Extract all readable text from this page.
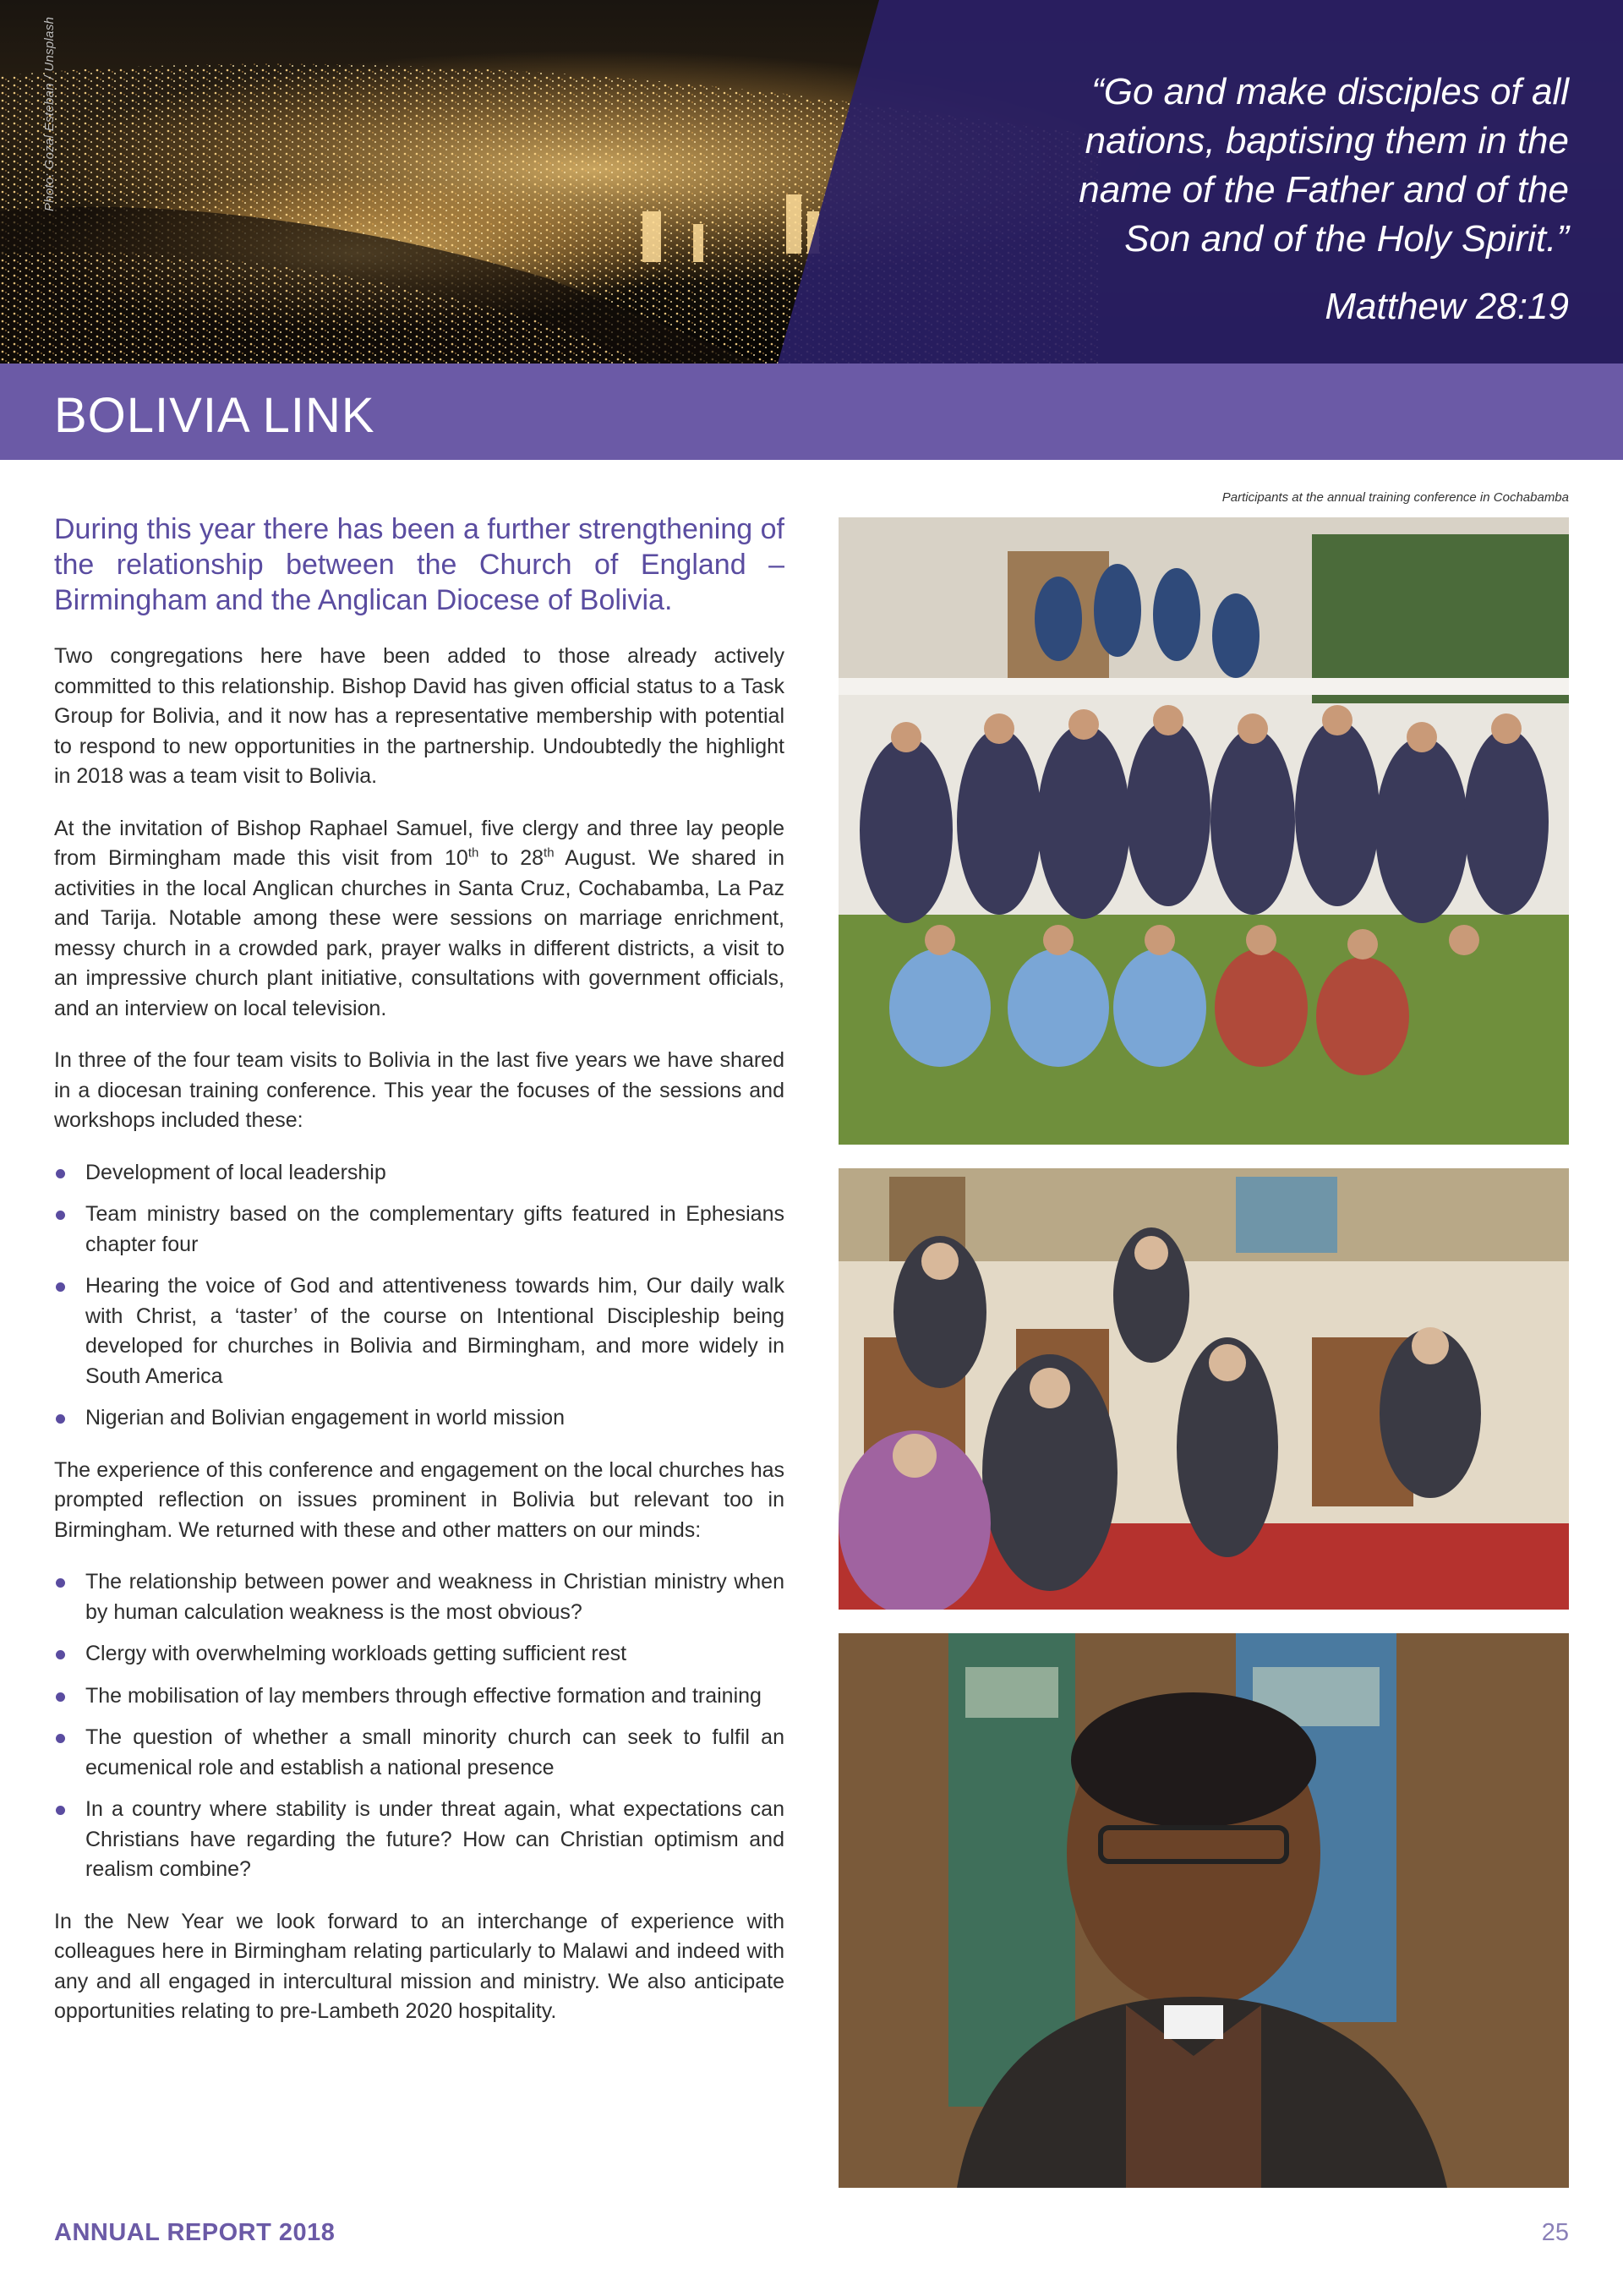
Photo: Gozal Esteban / Unsplash	“Go and make disciples of all nations, baptising them in the name of the Father and of the Son and of the Holy Spirit.”
Matthew 28:19
BOLIVIA LINK

During this year there has been a further strengthening of the relationship between the Church of England – Birmingham and the Anglican Diocese of Bolivia.

Two congregations here have been added to those already actively committed to this relationship. Bishop David has given official status to a Task Group for Bolivia, and it now has a representative membership with potential to respond to new opportunities in the partnership. Undoubtedly the highlight in 2018 was a team visit to Bolivia.

At the invitation of Bishop Raphael Samuel, five clergy and three lay people from Birmingham made this visit from 10th to 28th August. We shared in activities in the local Anglican churches in Santa Cruz, Cochabamba, La Paz and Tarija. Notable among these were sessions on marriage enrichment, messy church in a crowded park, prayer walks in different districts, a visit to an impressive church plant initiative, consultations with government officials, and an interview on local television.

In three of the four team visits to Bolivia in the last five years we have shared in a diocesan training conference. This year the focuses of the sessions and workshops included these:

Development of local leadership
Team ministry based on the complementary gifts featured in Ephesians chapter four
Hearing the voice of God and attentiveness towards him, Our daily walk with Christ, a ‘taster’ of the course on Intentional Discipleship being developed for churches in Bolivia and Birmingham, and more widely in South America
Nigerian and Bolivian engagement in world mission

The experience of this conference and engagement on the local churches has prompted reflection on issues prominent in Bolivia but relevant too in Birmingham. We returned with these and other matters on our minds:

The relationship between power and weakness in Christian ministry when by human calculation weakness is the most obvious?
Clergy with overwhelming workloads getting sufficient rest
The mobilisation of lay members through effective formation and training
The question of whether a small minority church can seek to fulfil an ecumenical role and establish a national presence
In a country where stability is under threat again, what expectations can Christians have regarding the future? How can Christian optimism and realism combine?

In the New Year we look forward to an interchange of experience with colleagues here in Birmingham relating particularly to Malawi and indeed with any and all engaged in intercultural mission and ministry. We also anticipate opportunities relating to pre-Lambeth 2020 hospitality.

Participants at the annual training conference in Cochabamba
ANNUAL REPORT 2018	25
